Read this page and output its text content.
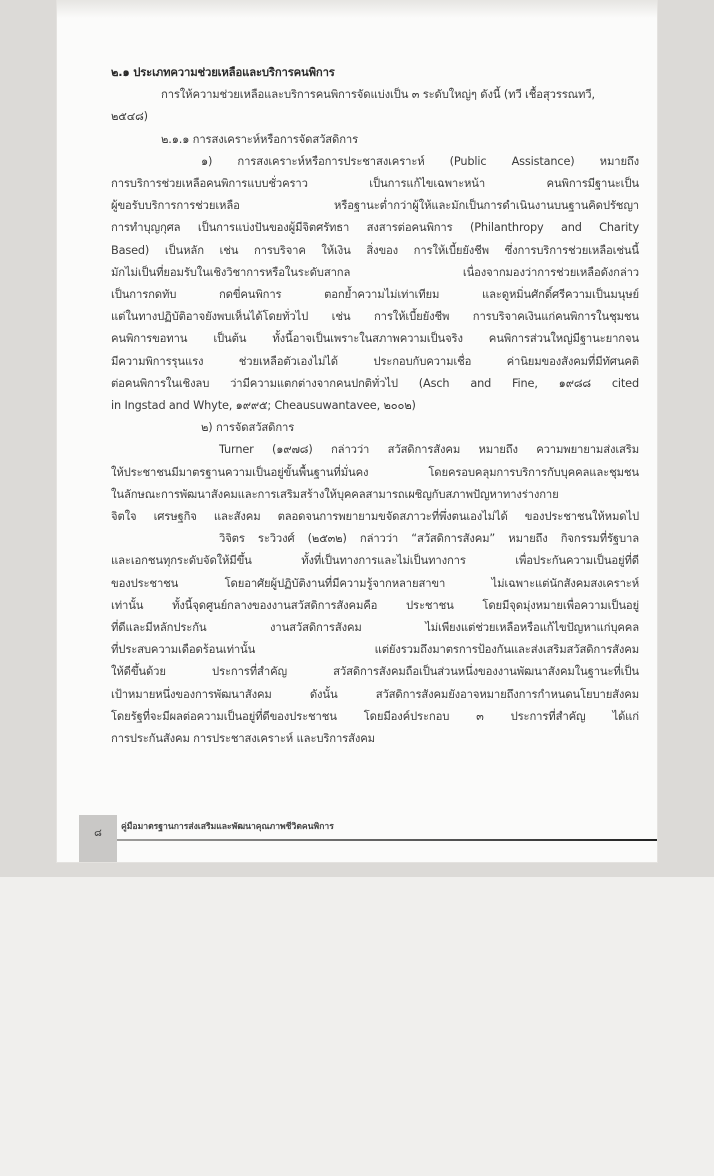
๒.๑ ประเภทความช่วยเหลือและบริการคนพิการ

การให้ความช่วยเหลือและบริการคนพิการจัดแบ่งเป็น ๓ ระดับใหญ่ๆ ดังนี้ (ทวี เชื้อสุวรรณทวี,

๒๕๔๘)

๒.๑.๑ การสงเคราะห์หรือการจัดสวัสดิการ

๑) การสงเคราะห์หรือการประชาสงเคราะห์ (Public Assistance) หมายถึง

การบริการช่วยเหลือคนพิการแบบชั่วคราว เป็นการแก้ไขเฉพาะหน้า คนพิการมีฐานะเป็น

ผู้ขอรับบริการการช่วยเหลือ หรือฐานะต่ำกว่าผู้ให้และมักเป็นการดำเนินงานบนฐานคิดปรัชญา

การทำบุญกุศล เป็นการแบ่งปันของผู้มีจิตศรัทธา สงสารต่อคนพิการ (Philanthropy and Charity

Based) เป็นหลัก เช่น การบริจาค ให้เงิน สิ่งของ การให้เบี้ยยังชีพ ซึ่งการบริการช่วยเหลือเช่นนี้

มักไม่เป็นที่ยอมรับในเชิงวิชาการหรือในระดับสากล เนื่องจากมองว่าการช่วยเหลือดังกล่าว

เป็นการกดทับ กดขี่คนพิการ ตอกย้ำความไม่เท่าเทียม และดูหมิ่นศักดิ์ศรีความเป็นมนุษย์

แต่ในทางปฏิบัติอาจยังพบเห็นได้โดยทั่วไป เช่น การให้เบี้ยยังชีพ การบริจาคเงินแก่คนพิการในชุมชน

คนพิการขอทาน เป็นต้น ทั้งนี้อาจเป็นเพราะในสภาพความเป็นจริง คนพิการส่วนใหญ่มีฐานะยากจน

มีความพิการรุนแรง ช่วยเหลือตัวเองไม่ได้ ประกอบกับความเชื่อ ค่านิยมของสังคมที่มีทัศนคติ

ต่อคนพิการในเชิงลบ ว่ามีความแตกต่างจากคนปกติทั่วไป (Asch and Fine, ๑๙๘๘ cited

in Ingstad and Whyte, ๑๙๙๕; Cheausuwantavee, ๒๐๐๒)

๒) การจัดสวัสดิการ

Turner (๑๙๗๘) กล่าวว่า สวัสดิการสังคม หมายถึง ความพยายามส่งเสริม

ให้ประชาชนมีมาตรฐานความเป็นอยู่ขั้นพื้นฐานที่มั่นคง โดยครอบคลุมการบริการกับบุคคลและชุมชน

ในลักษณะการพัฒนาสังคมและการเสริมสร้างให้บุคคลสามารถเผชิญกับสภาพปัญหาทางร่างกาย

จิตใจ เศรษฐกิจ และสังคม ตลอดจนการพยายามขจัดสภาวะที่พึ่งตนเองไม่ได้ ของประชาชนให้หมดไป

วิจิตร ระวิวงศ์ (๒๕๓๒) กล่าวว่า “สวัสดิการสังคม” หมายถึง กิจกรรมที่รัฐบาล

และเอกชนทุกระดับจัดให้มีขึ้น ทั้งที่เป็นทางการและไม่เป็นทางการ เพื่อประกันความเป็นอยู่ที่ดี

ของประชาชน โดยอาศัยผู้ปฏิบัติงานที่มีความรู้จากหลายสาขา ไม่เฉพาะแต่นักสังคมสงเคราะห์

เท่านั้น ทั้งนี้จุดศูนย์กลางของงานสวัสดิการสังคมคือ ประชาชน โดยมีจุดมุ่งหมายเพื่อความเป็นอยู่

ที่ดีและมีหลักประกัน งานสวัสดิการสังคม ไม่เพียงแต่ช่วยเหลือหรือแก้ไขปัญหาแก่บุคคล

ที่ประสบความเดือดร้อนเท่านั้น แต่ยังรวมถึงมาตรการป้องกันและส่งเสริมสวัสดิการสังคม

ให้ดีขึ้นด้วย ประการที่สำคัญ สวัสดิการสังคมถือเป็นส่วนหนึ่งของงานพัฒนาสังคมในฐานะที่เป็น

เป้าหมายหนึ่งของการพัฒนาสังคม ดังนั้น สวัสดิการสังคมยังอาจหมายถึงการกำหนดนโยบายสังคม

โดยรัฐที่จะมีผลต่อความเป็นอยู่ที่ดีของประชาชน โดยมีองค์ประกอบ ๓ ประการที่สำคัญ ได้แก่

การประกันสังคม การประชาสงเคราะห์ และบริการสังคม

๘
คู่มือมาตรฐานการส่งเสริมและพัฒนาคุณภาพชีวิตคนพิการ
